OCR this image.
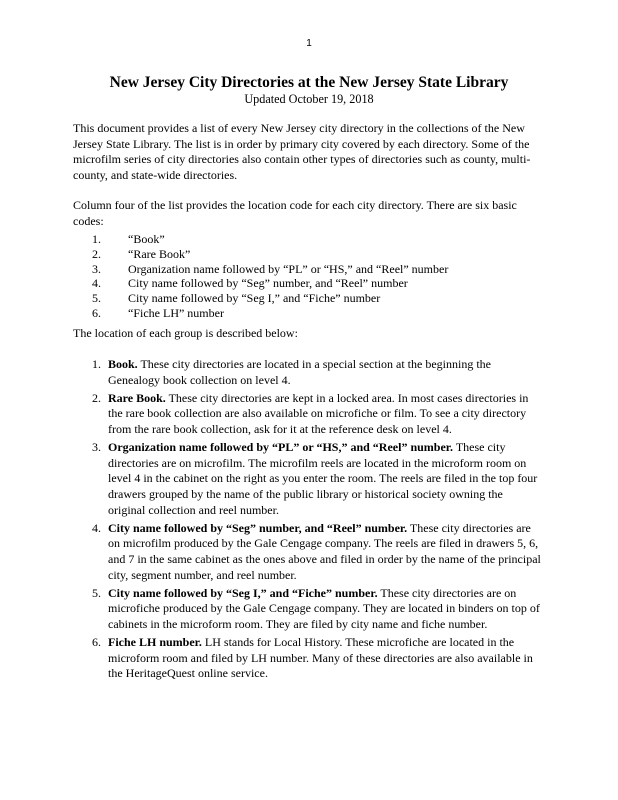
1
New Jersey City Directories at the New Jersey State Library
Updated October 19, 2018

This document provides a list of every New Jersey city directory in the collections of the New Jersey State Library. The list is in order by primary city covered by each directory. Some of the microfilm series of city directories also contain other types of directories such as county, multi-county, and state-wide directories.

Column four of the list provides the location code for each city directory. There are six basic codes:

1.	“Book”
2.	“Rare Book”
3.	Organization name followed by “PL” or “HS,” and “Reel” number
4.	City name followed by “Seg” number, and “Reel” number
5.	City name followed by “Seg I,” and “Fiche” number
6.	“Fiche LH” number

The location of each group is described below:

1. Book. These city directories are located in a special section at the beginning the Genealogy book collection on level 4.
2. Rare Book. These city directories are kept in a locked area. In most cases directories in the rare book collection are also available on microfiche or film. To see a city directory from the rare book collection, ask for it at the reference desk on level 4.
3. Organization name followed by “PL” or “HS,” and “Reel” number. These city directories are on microfilm. The microfilm reels are located in the microform room on level 4 in the cabinet on the right as you enter the room. The reels are filed in the top four drawers grouped by the name of the public library or historical society owning the original collection and reel number.
4. City name followed by “Seg” number, and “Reel” number. These city directories are on microfilm produced by the Gale Cengage company. The reels are filed in drawers 5, 6, and 7 in the same cabinet as the ones above and filed in order by the name of the principal city, segment number, and reel number.
5. City name followed by “Seg I,” and “Fiche” number. These city directories are on microfiche produced by the Gale Cengage company. They are located in binders on top of cabinets in the microform room. They are filed by city name and fiche number.
6. Fiche LH number. LH stands for Local History. These microfiche are located in the microform room and filed by LH number. Many of these directories are also available in the HeritageQuest online service.
